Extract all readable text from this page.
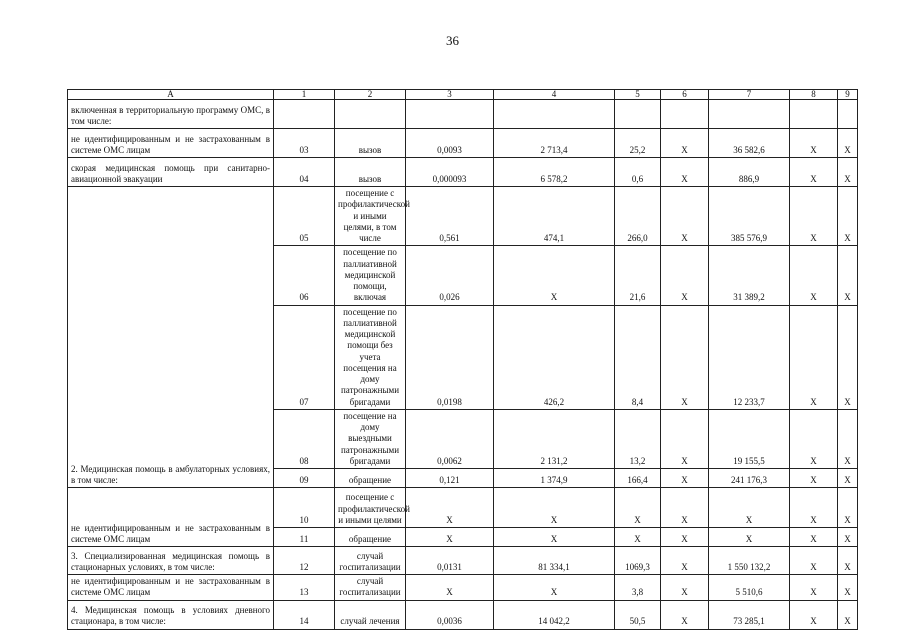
36
А	1	2	3	4	5	6	7	8	9
включенная в территориальную программу ОМС, в том числе:									
не идентифицированным и не застрахованным в системе ОМС лицам	03	вызов	0,0093	2 713,4	25,2	Х	36 582,6	Х	Х
скорая медицинская помощь при санитарно-авиационной эвакуации	04	вызов	0,000093	6 578,2	0,6	Х	886,9	Х	Х
2. Медицинская помощь в амбулаторных условиях, в том числе:	05	посещение с профилактической и иными целями, в том числе	0,561	474,1	266,0	Х	385 576,9	Х	Х
	06	посещение по паллиативной медицинской помощи, включая	0,026	Х	21,6	Х	31 389,2	Х	Х
	07	посещение по паллиативной медицинской помощи без учета посещения на дому патронажными бригадами	0,0198	426,2	8,4	Х	12 233,7	Х	Х
	08	посещение на дому выездными патронажными бригадами	0,0062	2 131,2	13,2	Х	19 155,5	Х	Х
	09	обращение	0,121	1 374,9	166,4	Х	241 176,3	Х	Х
не идентифицированным и не застрахованным в системе ОМС лицам	10	посещение с профилактической и иными целями	Х	Х	Х	Х	Х	Х	Х
	11	обращение	Х	Х	Х	Х	Х	Х	Х
3. Специализированная медицинская помощь в стационарных условиях, в том числе:	12	случай госпитализации	0,0131	81 334,1	1069,3	Х	1 550 132,2	Х	Х
не идентифицированным и не застрахованным в системе ОМС лицам	13	случай госпитализации	Х	Х	3,8	Х	5 510,6	Х	Х
4. Медицинская помощь в условиях дневного стационара, в том числе:	14	случай лечения	0,0036	14 042,2	50,5	Х	73 285,1	Х	Х
